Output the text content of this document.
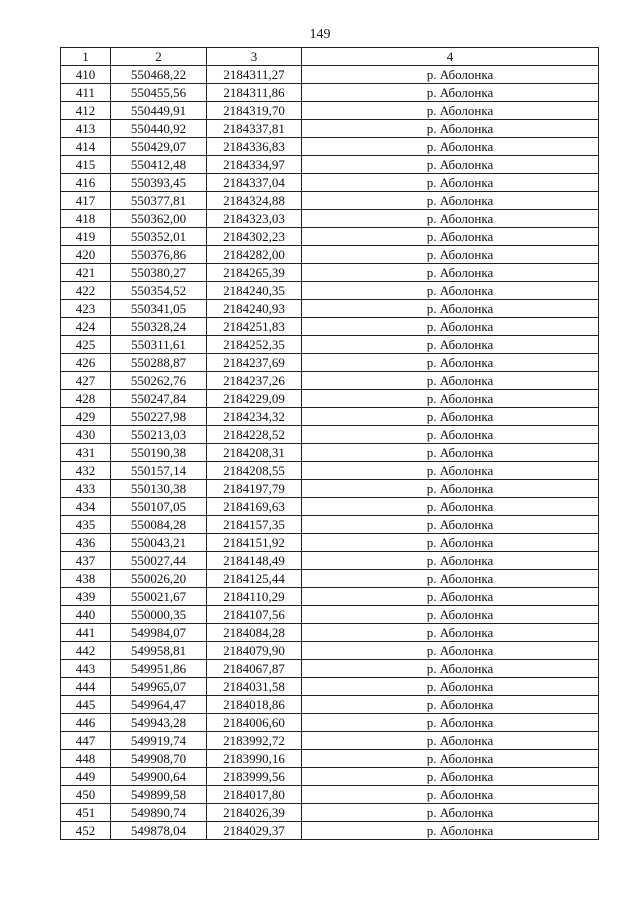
149
1	2	3	4
410	550468,22	2184311,27	р. Аболонка
411	550455,56	2184311,86	р. Аболонка
412	550449,91	2184319,70	р. Аболонка
413	550440,92	2184337,81	р. Аболонка
414	550429,07	2184336,83	р. Аболонка
415	550412,48	2184334,97	р. Аболонка
416	550393,45	2184337,04	р. Аболонка
417	550377,81	2184324,88	р. Аболонка
418	550362,00	2184323,03	р. Аболонка
419	550352,01	2184302,23	р. Аболонка
420	550376,86	2184282,00	р. Аболонка
421	550380,27	2184265,39	р. Аболонка
422	550354,52	2184240,35	р. Аболонка
423	550341,05	2184240,93	р. Аболонка
424	550328,24	2184251,83	р. Аболонка
425	550311,61	2184252,35	р. Аболонка
426	550288,87	2184237,69	р. Аболонка
427	550262,76	2184237,26	р. Аболонка
428	550247,84	2184229,09	р. Аболонка
429	550227,98	2184234,32	р. Аболонка
430	550213,03	2184228,52	р. Аболонка
431	550190,38	2184208,31	р. Аболонка
432	550157,14	2184208,55	р. Аболонка
433	550130,38	2184197,79	р. Аболонка
434	550107,05	2184169,63	р. Аболонка
435	550084,28	2184157,35	р. Аболонка
436	550043,21	2184151,92	р. Аболонка
437	550027,44	2184148,49	р. Аболонка
438	550026,20	2184125,44	р. Аболонка
439	550021,67	2184110,29	р. Аболонка
440	550000,35	2184107,56	р. Аболонка
441	549984,07	2184084,28	р. Аболонка
442	549958,81	2184079,90	р. Аболонка
443	549951,86	2184067,87	р. Аболонка
444	549965,07	2184031,58	р. Аболонка
445	549964,47	2184018,86	р. Аболонка
446	549943,28	2184006,60	р. Аболонка
447	549919,74	2183992,72	р. Аболонка
448	549908,70	2183990,16	р. Аболонка
449	549900,64	2183999,56	р. Аболонка
450	549899,58	2184017,80	р. Аболонка
451	549890,74	2184026,39	р. Аболонка
452	549878,04	2184029,37	р. Аболонка
